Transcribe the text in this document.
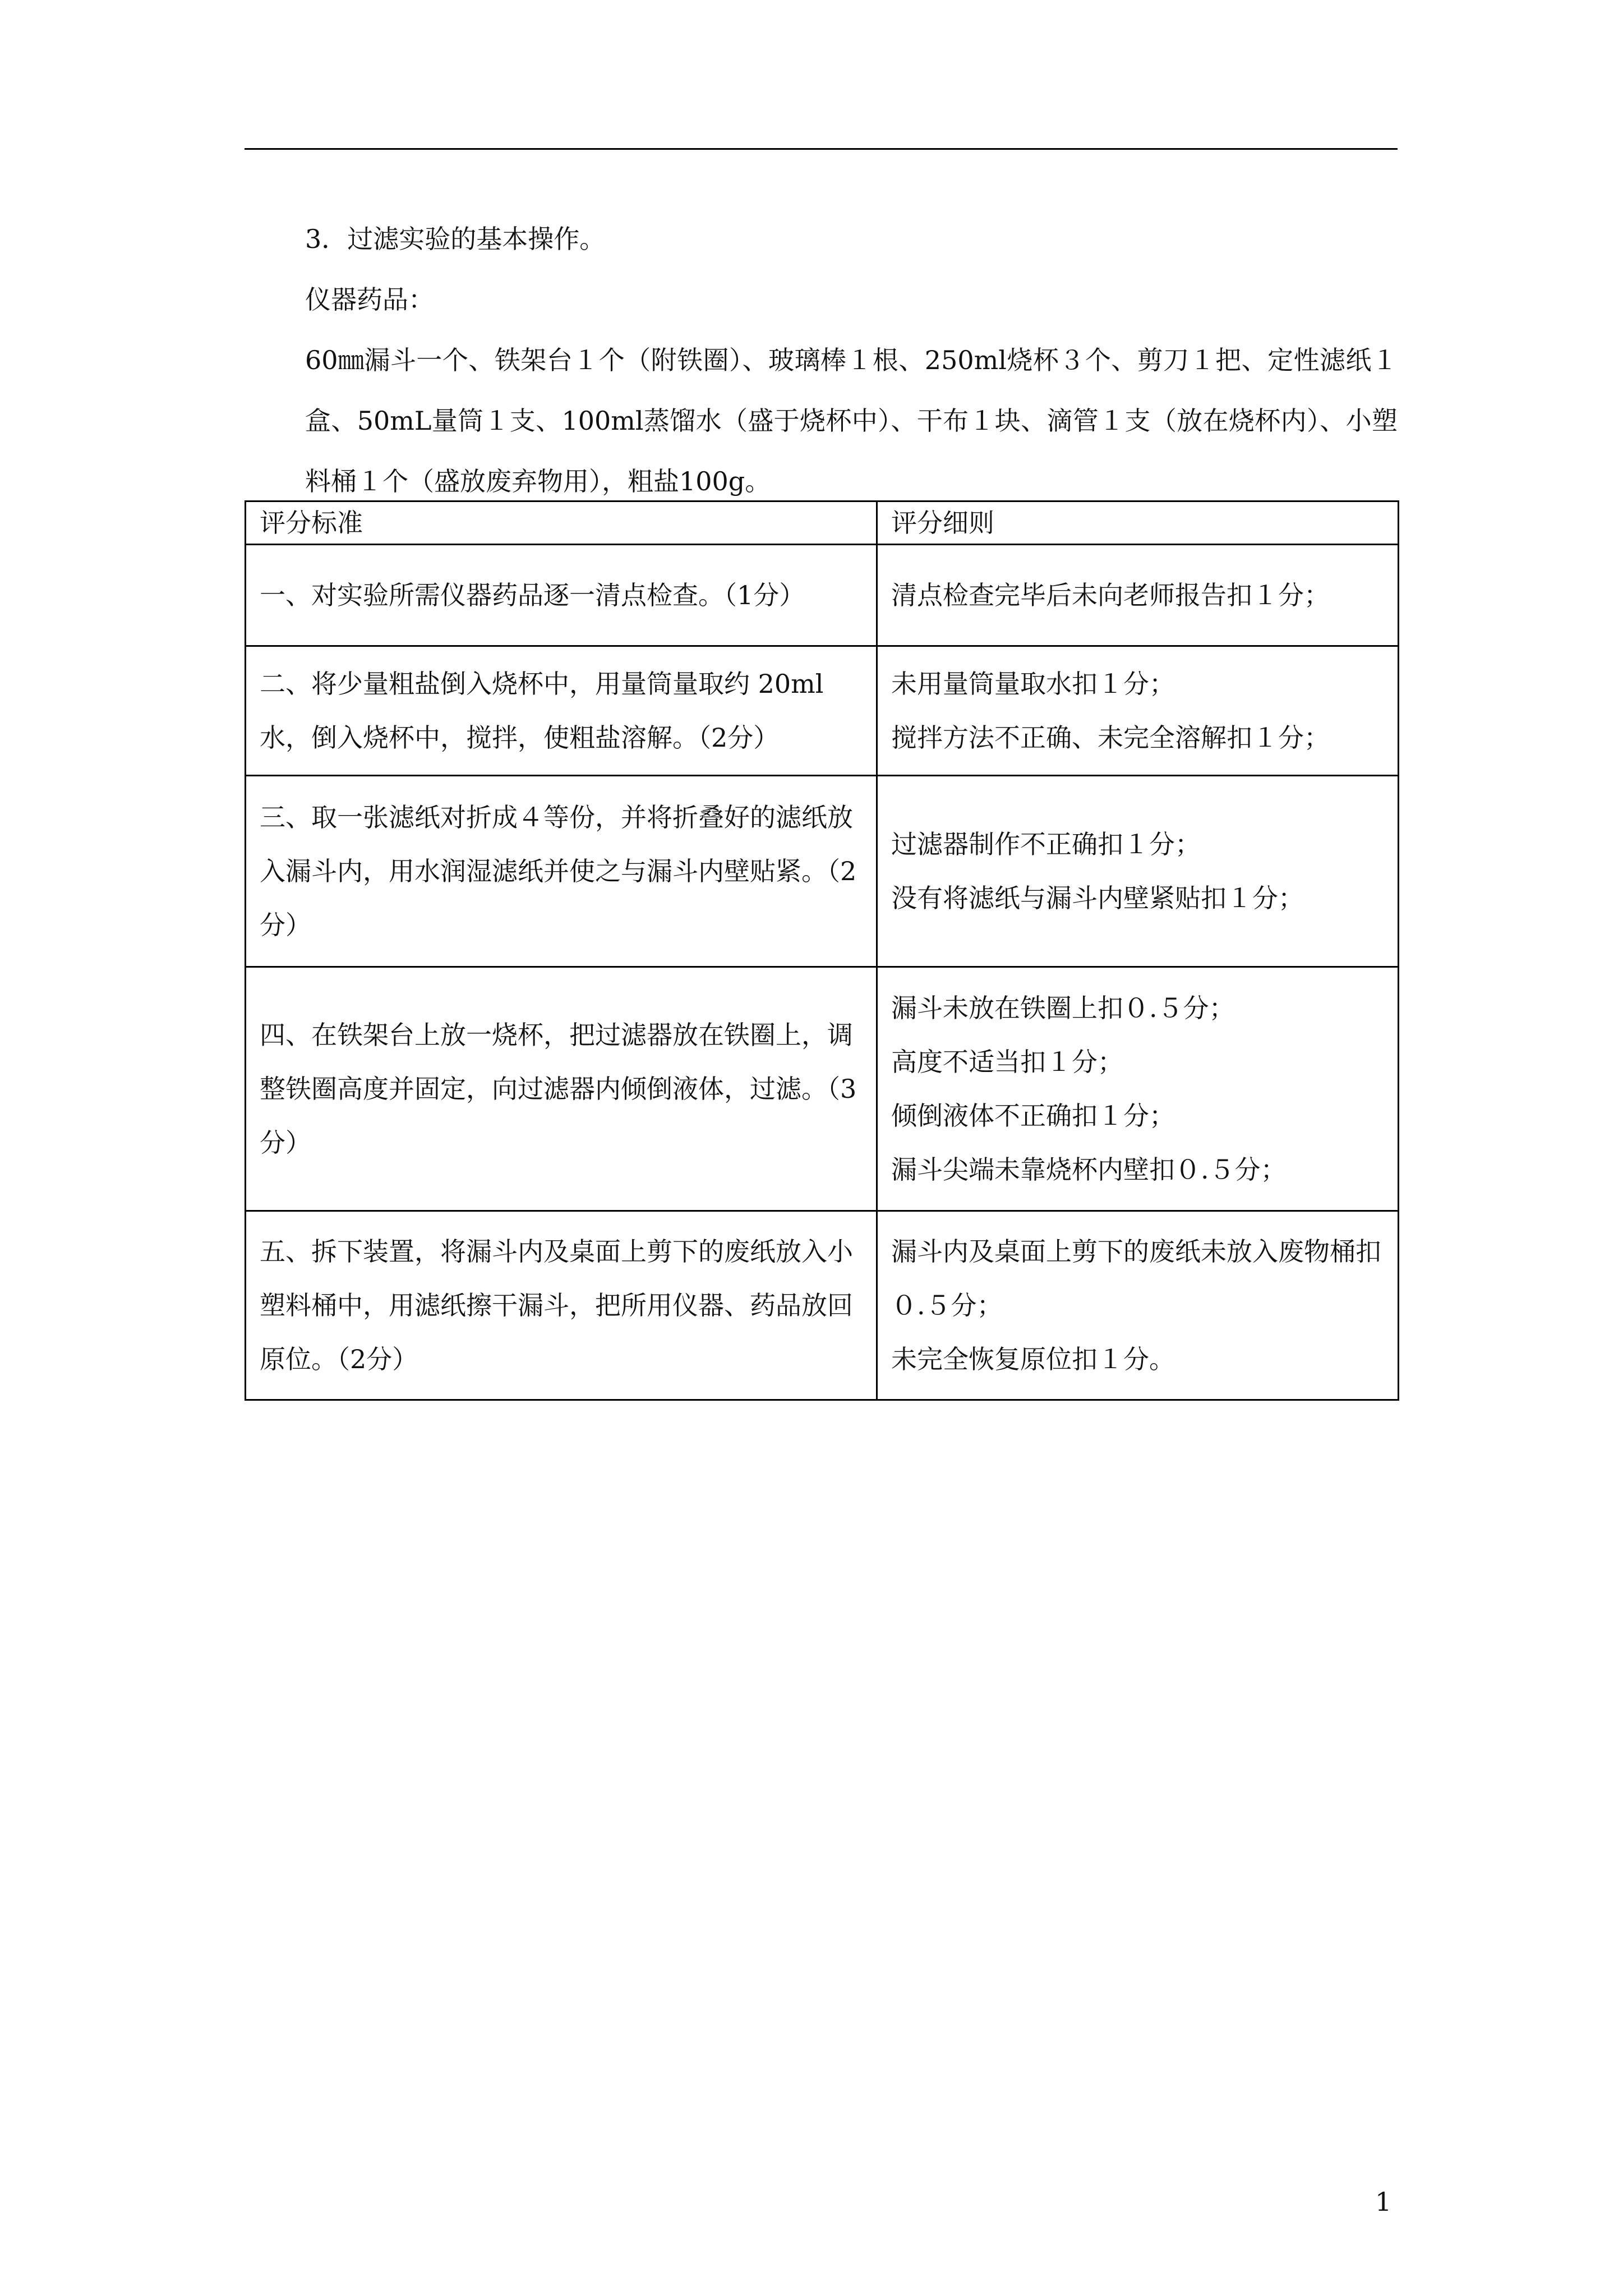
3．过滤实验的基本操作。

仪器药品：

60㎜漏斗一个、铁架台１个（附铁圈）、玻璃棒１根、250ml烧杯３个、剪刀１把、定性滤纸１盒、50mL量筒１支、100ml蒸馏水（盛于烧杯中）、干布１块、滴管１支（放在烧杯内）、小塑料桶１个（盛放废弃物用），粗盐100g。

评分标准	评分细则
一、对实验所需仪器药品逐一清点检查。（1分）	清点检查完毕后未向老师报告扣１分；

二、将少量粗盐倒入烧杯中，用量筒量取约 20ml水，倒入烧杯中，搅拌，使粗盐溶解。（2分）	未用量筒量取水扣１分；
搅拌方法不正确、未完全溶解扣１分；

三、取一张滤纸对折成４等份，并将折叠好的滤纸放入漏斗内，用水润湿滤纸并使之与漏斗内壁贴紧。（2分）	过滤器制作不正确扣１分；
没有将滤纸与漏斗内壁紧贴扣１分；

四、在铁架台上放一烧杯，把过滤器放在铁圈上，调整铁圈高度并固定，向过滤器内倾倒液体，过滤。（3分）	漏斗未放在铁圈上扣０.５分；
高度不适当扣１分；
倾倒液体不正确扣１分；
漏斗尖端未靠烧杯内壁扣０.５分；

五、拆下装置，将漏斗内及桌面上剪下的废纸放入小塑料桶中，用滤纸擦干漏斗，把所用仪器、药品放回原位。（2分）	漏斗内及桌面上剪下的废纸未放入废物桶扣０.５分；
未完全恢复原位扣１分。
1
